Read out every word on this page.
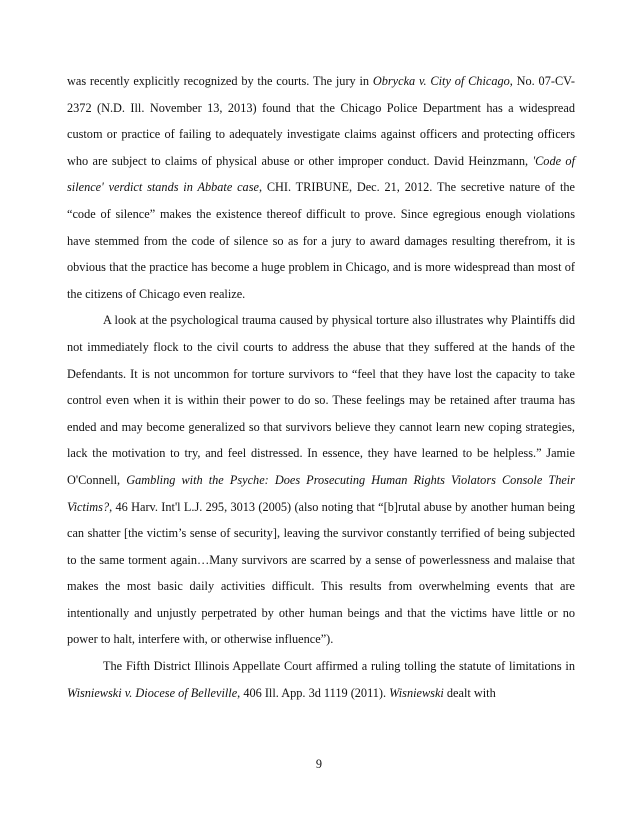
was recently explicitly recognized by the courts. The jury in Obrycka v. City of Chicago, No. 07-CV-2372 (N.D. Ill. November 13, 2013) found that the Chicago Police Department has a widespread custom or practice of failing to adequately investigate claims against officers and protecting officers who are subject to claims of physical abuse or other improper conduct. David Heinzmann, 'Code of silence' verdict stands in Abbate case, CHI. TRIBUNE, Dec. 21, 2012. The secretive nature of the “code of silence” makes the existence thereof difficult to prove. Since egregious enough violations have stemmed from the code of silence so as for a jury to award damages resulting therefrom, it is obvious that the practice has become a huge problem in Chicago, and is more widespread than most of the citizens of Chicago even realize.

A look at the psychological trauma caused by physical torture also illustrates why Plaintiffs did not immediately flock to the civil courts to address the abuse that they suffered at the hands of the Defendants. It is not uncommon for torture survivors to “feel that they have lost the capacity to take control even when it is within their power to do so. These feelings may be retained after trauma has ended and may become generalized so that survivors believe they cannot learn new coping strategies, lack the motivation to try, and feel distressed. In essence, they have learned to be helpless.” Jamie O'Connell, Gambling with the Psyche: Does Prosecuting Human Rights Violators Console Their Victims?, 46 Harv. Int'l L.J. 295, 3013 (2005) (also noting that “[b]rutal abuse by another human being can shatter [the victim’s sense of security], leaving the survivor constantly terrified of being subjected to the same torment again…Many survivors are scarred by a sense of powerlessness and malaise that makes the most basic daily activities difficult. This results from overwhelming events that are intentionally and unjustly perpetrated by other human beings and that the victims have little or no power to halt, interfere with, or otherwise influence”).

The Fifth District Illinois Appellate Court affirmed a ruling tolling the statute of limitations in Wisniewski v. Diocese of Belleville, 406 Ill. App. 3d 1119 (2011). Wisniewski dealt with

9
